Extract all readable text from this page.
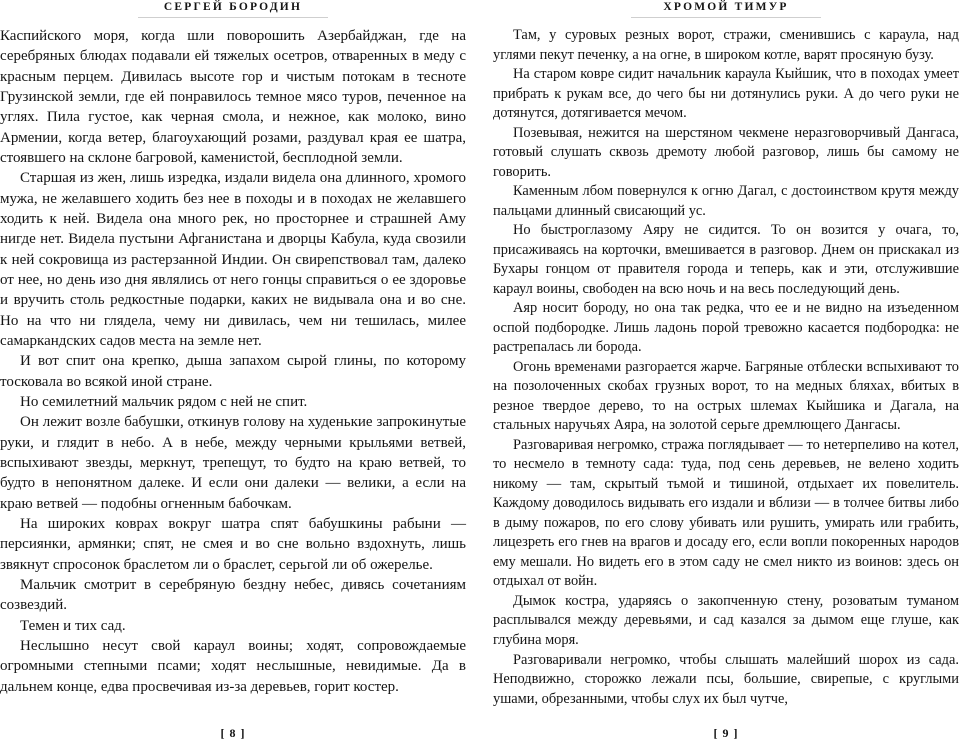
СЕРГЕЙ БОРОДИН

Каспийского моря, когда шли поворошить Азербайджан, где на серебряных блюдах подавали ей тяжелых осетров, отваренных в меду с красным перцем. Дивилась высоте гор и чистым потокам в тесноте Грузинской земли, где ей понравилось темное мясо туров, печенное на углях. Пила густое, как черная смола, и нежное, как молоко, вино Армении, когда ветер, благоухающий розами, раздувал края ее шатра, стоявшего на склоне багровой, каменистой, бесплодной земли.

Старшая из жен, лишь изредка, издали видела она длинного, хромого мужа, не желавшего ходить без нее в походы и в походах не желавшего ходить к ней. Видела она много рек, но просторнее и страшней Аму нигде нет. Видела пустыни Афганистана и дворцы Кабула, куда свозили к ней сокровища из растерзанной Индии. Он свирепствовал там, далеко от нее, но день изо дня являлись от него гонцы справиться о ее здоровье и вручить столь редкостные подарки, каких не видывала она и во сне. Но на что ни глядела, чему ни дивилась, чем ни тешилась, милее самаркандских садов места на земле нет.

И вот спит она крепко, дыша запахом сырой глины, по которому тосковала во всякой иной стране.

Но семилетний мальчик рядом с ней не спит.

Он лежит возле бабушки, откинув голову на худенькие запрокинутые руки, и глядит в небо. А в небе, между черными крыльями ветвей, вспыхивают звезды, меркнут, трепещут, то будто на краю ветвей, то будто в непонятном далеке. И если они далеки — велики, а если на краю ветвей — подобны огненным бабочкам.

На широких коврах вокруг шатра спят бабушкины рабыни — персиянки, армянки; спят, не смея и во сне вольно вздохнуть, лишь звякнут спросонок браслетом ли о браслет, серьгой ли об ожерелье.

Мальчик смотрит в серебряную бездну небес, дивясь сочетаниям созвездий.

Темен и тих сад.

Неслышно несут свой караул воины; ходят, сопровождаемые огромными степными псами; ходят неслышные, невидимые. Да в дальнем конце, едва просвечивая из-за деревьев, горит костер.

[ 8 ]
ХРОМОЙ ТИМУР

Там, у суровых резных ворот, стражи, сменившись с караула, над углями пекут печенку, а на огне, в широком котле, варят просяную бузу.

На старом ковре сидит начальник караула Кыйшик, что в походах умеет прибрать к рукам все, до чего бы ни дотянулись руки. А до чего руки не дотянутся, дотягивается мечом.

Позевывая, нежится на шерстяном чекмене неразговорчивый Дангаса, готовый слушать сквозь дремоту любой разговор, лишь бы самому не говорить.

Каменным лбом повернулся к огню Дагал, с достоинством крутя между пальцами длинный свисающий ус.

Но быстроглазому Аяру не сидится. То он возится у очага, то, присаживаясь на корточки, вмешивается в разговор. Днем он прискакал из Бухары гонцом от правителя города и теперь, как и эти, отслужившие караул воины, свободен на всю ночь и на весь последующий день.

Аяр носит бороду, но она так редка, что ее и не видно на изъеденном оспой подбородке. Лишь ладонь порой тревожно касается подбородка: не растрепалась ли борода.

Огонь временами разгорается жарче. Багряные отблески вспыхивают то на позолоченных скобах грузных ворот, то на медных бляхах, вбитых в резное твердое дерево, то на острых шлемах Кыйшика и Дагала, на стальных наручьях Аяра, на золотой серьге дремлющего Дангасы.

Разговаривая негромко, стража поглядывает — то нетерпеливо на котел, то несмело в темноту сада: туда, под сень деревьев, не велено ходить никому — там, скрытый тьмой и тишиной, отдыхает их повелитель. Каждому доводилось видывать его издали и вблизи — в толчее битвы либо в дыму пожаров, по его слову убивать или рушить, умирать или грабить, лицезреть его гнев на врагов и досаду его, если вопли покоренных народов ему мешали. Но видеть его в этом саду не смел никто из воинов: здесь он отдыхал от войн.

Дымок костра, ударяясь о закопченную стену, розоватым туманом расплывался между деревьями, и сад казался за дымом еще глуше, как глубина моря.

Разговаривали негромко, чтобы слышать малейший шорох из сада. Неподвижно, сторожко лежали псы, большие, свирепые, с круглыми ушами, обрезанными, чтобы слух их был чутче,

[ 9 ]
